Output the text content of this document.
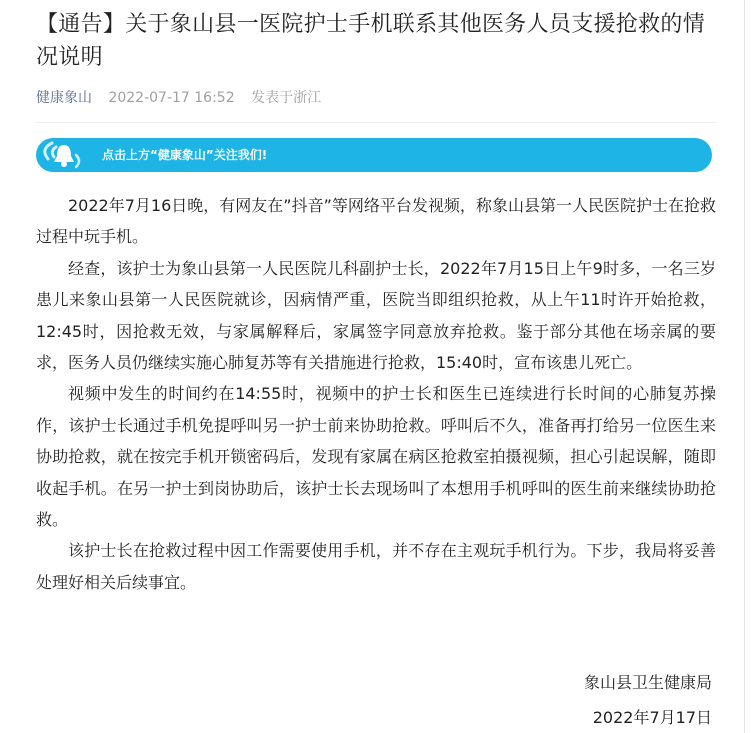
【通告】关于象山县一医院护士手机联系其他医务人员支援抢救的情况说明
健康象山 2022-07-17 16:52 发表于浙江
点击上方“健康象山”关注我们!

2022年7月16日晚，有网友在”抖音”等网络平台发视频，称象山县第一人民医院护士在抢救过程中玩手机。

经查，该护士为象山县第一人民医院儿科副护士长，2022年7月15日上午9时多，一名三岁患儿来象山县第一人民医院就诊，因病情严重，医院当即组织抢救，从上午11时许开始抢救，12:45时，因抢救无效，与家属解释后，家属签字同意放弃抢救。鉴于部分其他在场亲属的要求，医务人员仍继续实施心肺复苏等有关措施进行抢救，15:40时，宣布该患儿死亡。

视频中发生的时间约在14:55时，视频中的护士长和医生已连续进行长时间的心肺复苏操作，该护士长通过手机免提呼叫另一护士前来协助抢救。呼叫后不久，准备再打给另一位医生来协助抢救，就在按完手机开锁密码后，发现有家属在病区抢救室拍摄视频，担心引起误解，随即收起手机。在另一护士到岗协助后，该护士长去现场叫了本想用手机呼叫的医生前来继续协助抢救。

该护士长在抢救过程中因工作需要使用手机，并不存在主观玩手机行为。下步，我局将妥善处理好相关后续事宜。

象山县卫生健康局
2022年7月17日
